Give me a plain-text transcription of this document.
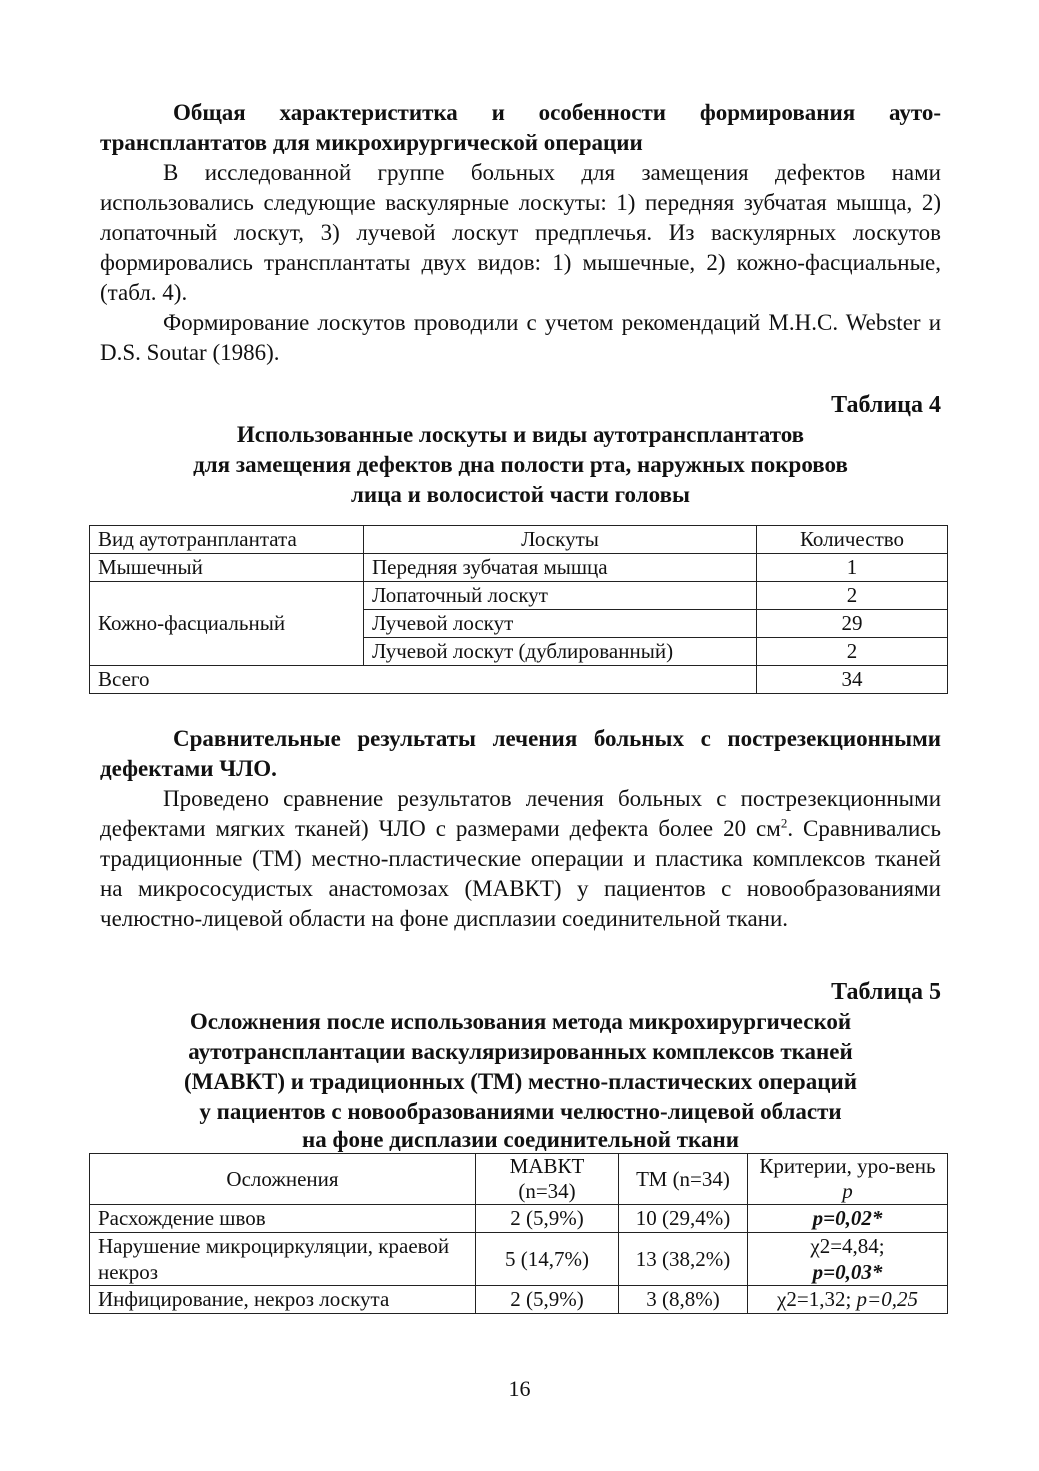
Общая характериститка и особенности формирования ауто-трансплантатов для микрохирургической операции

В исследованной группе больных для замещения дефектов нами использовались следующие васкулярные лоскуты: 1) передняя зубчатая мышца, 2) лопаточный лоскут, 3) лучевой лоскут предплечья. Из васкулярных лоскутов формировались трансплантаты двух видов: 1) мышечные, 2) кожно-фасциальные, (табл. 4).

Формирование лоскутов проводили с учетом рекомендаций M.H.C. Webster и D.S. Soutar (1986).

Таблица 4

Использованные лоскуты и виды аутотрансплантатов

для замещения дефектов дна полости рта, наружных покровов

лица и волосистой части головы

Вид аутотранплантата	Лоскуты	Количество
Мышечный	Передняя зубчатая мышца	1
Кожно-фасциальный	Лопаточный лоскут	2
	Лучевой лоскут	29
	Лучевой лоскут (дублированный)	2
Всего		34

Сравнительные результаты лечения больных с пострезекционными дефектами ЧЛО.

Проведено сравнение результатов лечения больных с пострезекционными дефектами мягких тканей) ЧЛО с размерами дефекта более 20 $см^2$. Сравнивались традиционные (ТМ) местно-пластические операции и пластика комплексов тканей на микрососудистых анастомозах (МАВКТ) у пациентов с новообразованиями челюстно-лицевой области на фоне дисплазии соединительной ткани.

Таблица 5

Осложнения после использования метода микрохирургической

аутотрансплантации васкуляризированных комплексов тканей

(МАВКТ) и традиционных (ТМ) местно-пластических операций

у пациентов с новообразованиями челюстно-лицевой области

на фоне дисплазии соединительной ткани

Осложнения	МАВКТ (n=34)	ТМ (n=34)	Критерии, уро-вень p
Расхождение швов	2 (5,9%)	10 (29,4%)	p=0,02*
Нарушение микроциркуляции, краевой некроз	5 (14,7%)	13 (38,2%)	χ2=4,84;
p=0,03*
Инфицирование, некроз лоскута	2 (5,9%)	3 (8,8%)	χ2=1,32; p=0,25
16
